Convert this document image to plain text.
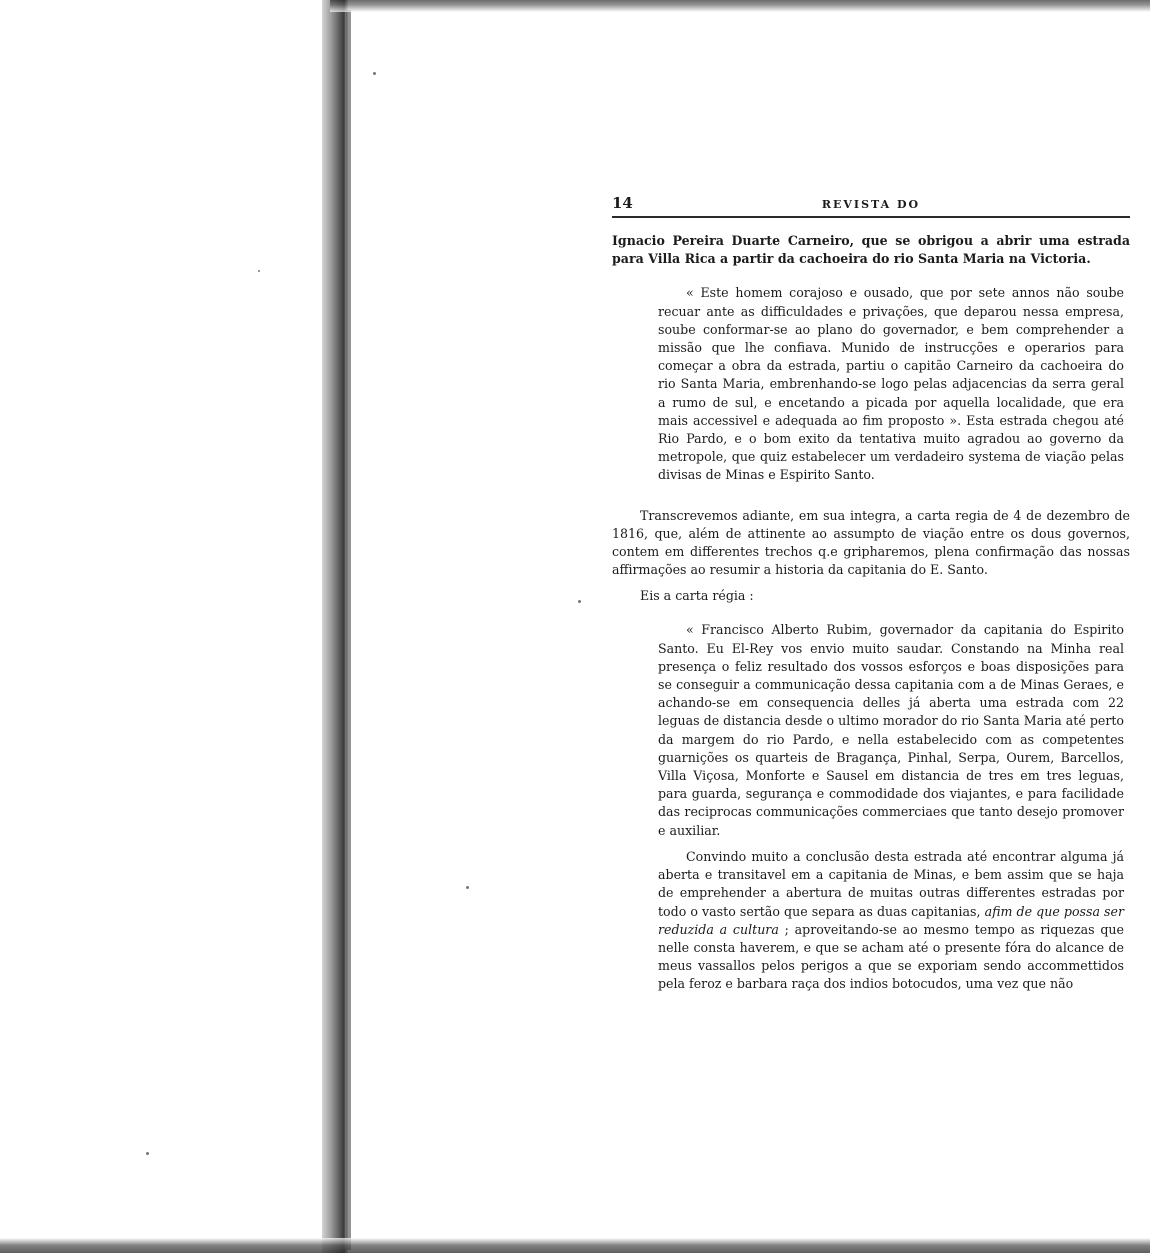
14	REVISTA DO

Ignacio Pereira Duarte Carneiro, que se obrigou a abrir uma estrada para Villa Rica a partir da cachoeira do rio Santa Maria na Victoria.

« Este homem corajoso e ousado, que por sete annos não soube recuar ante as difficuldades e privações, que deparou nessa empresa, soube conformar-se ao plano do governador, e bem comprehender a missão que lhe confiava. Munido de instrucções e operarios para começar a obra da estrada, partiu o capitão Carneiro da cachoeira do rio Santa Maria, embrenhando-se logo pelas adjacencias da serra geral a rumo de sul, e encetando a picada por aquella localidade, que era mais accessivel e adequada ao fim proposto ». Esta estrada chegou até Rio Pardo, e o bom exito da tentativa muito agradou ao governo da metropole, que quiz estabelecer um verdadeiro systema de viação pelas divisas de Minas e Espirito Santo.

Transcrevemos adiante, em sua integra, a carta regia de 4 de dezembro de 1816, que, além de attinente ao assumpto de viação entre os dous governos, contem em differentes trechos q.e gripharemos, plena confirmação das nossas affirmações ao resumir a historia da capitania do E. Santo.

Eis a carta régia :

« Francisco Alberto Rubim, governador da capitania do Espirito Santo. Eu El-Rey vos envio muito saudar. Constando na Minha real presença o feliz resultado dos vossos esforços e boas disposições para se conseguir a communicação dessa capitania com a de Minas Geraes, e achando-se em consequencia delles já aberta uma estrada com 22 leguas de distancia desde o ultimo morador do rio Santa Maria até perto da margem do rio Pardo, e nella estabelecido com as competentes guarnições os quarteis de Bragança, Pinhal, Serpa, Ourem, Barcellos, Villa Viçosa, Monforte e Sausel em distancia de tres em tres leguas, para guarda, segurança e commodidade dos viajantes, e para facilidade das reciprocas communicações commerciaes que tanto desejo promover e auxiliar.

Convindo muito a conclusão desta estrada até encontrar alguma já aberta e transitavel em a capitania de Minas, e bem assim que se haja de emprehender a abertura de muitas outras differentes estradas por todo o vasto sertão que separa as duas capitanias, afim de que possa ser reduzida a cultura ; aproveitando-se ao mesmo tempo as riquezas que nelle consta haverem, e que se acham até o presente fóra do alcance de meus vassallos pelos perigos a que se exporiam sendo accommettidos pela feroz e barbara raça dos indios botocudos, uma vez que não
